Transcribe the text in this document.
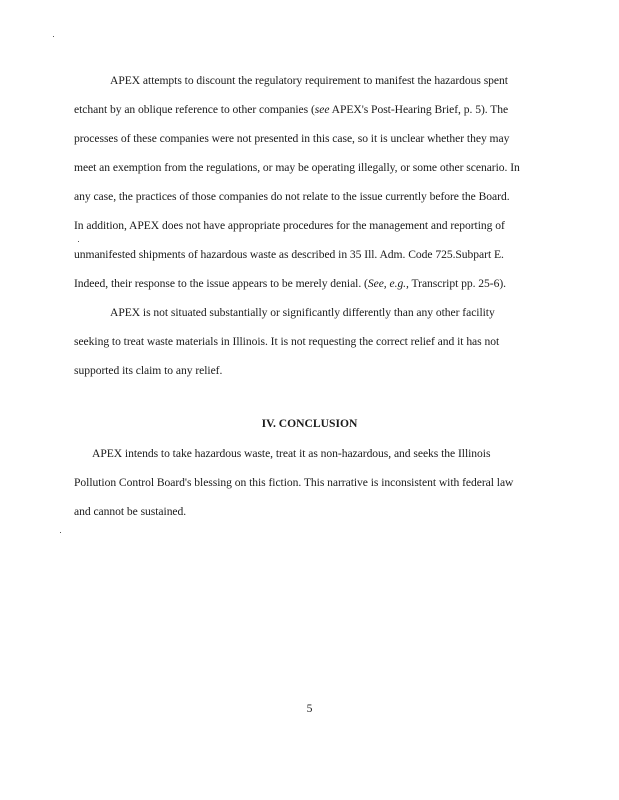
APEX attempts to discount the regulatory requirement to manifest the hazardous spent
etchant by an oblique reference to other companies (see APEX's Post-Hearing Brief, p. 5). The
processes of these companies were not presented in this case, so it is unclear whether they may
meet an exemption from the regulations, or may be operating illegally, or some other scenario. In
any case, the practices of those companies do not relate to the issue currently before the Board.
In addition, APEX does not have appropriate procedures for the management and reporting of
unmanifested shipments of hazardous waste as described in 35 Ill. Adm. Code 725.Subpart E.
Indeed, their response to the issue appears to be merely denial. (See, e.g., Transcript pp. 25-6).
APEX is not situated substantially or significantly differently than any other facility
seeking to treat waste materials in Illinois. It is not requesting the correct relief and it has not
supported its claim to any relief.
IV. CONCLUSION
APEX intends to take hazardous waste, treat it as non-hazardous, and seeks the Illinois
Pollution Control Board's blessing on this fiction. This narrative is inconsistent with federal law
and cannot be sustained.
5
